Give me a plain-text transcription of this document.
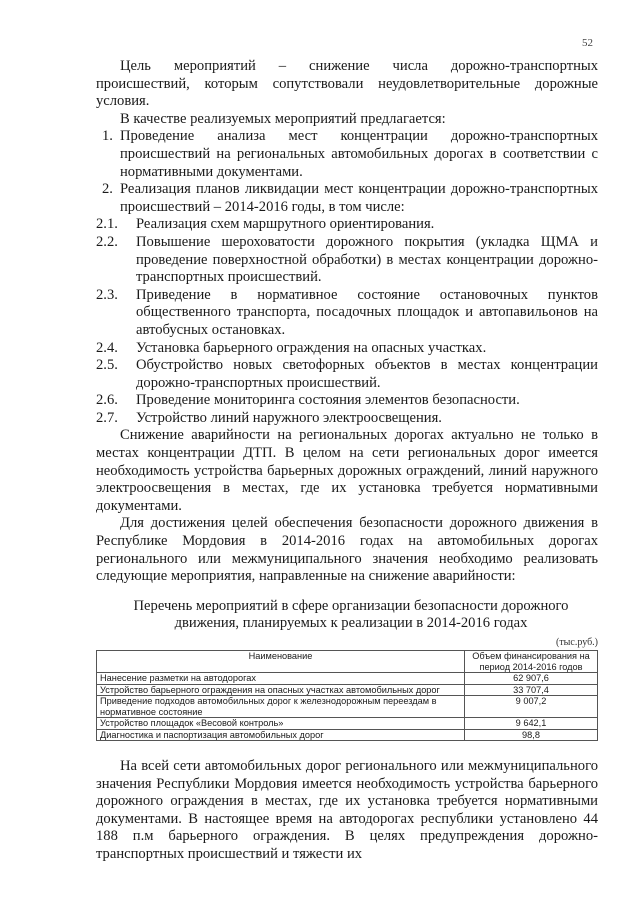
52

Цель мероприятий – снижение числа дорожно-транспортных происшествий, которым сопутствовали неудовлетворительные дорожные условия.

В качестве реализуемых мероприятий предлагается:

1. Проведение анализа мест концентрации дорожно-транспортных происшествий на региональных автомобильных дорогах в соответствии с нормативными документами.
2. Реализация планов ликвидации мест концентрации дорожно-транспортных происшествий – 2014-2016 годы, в том числе:
2.1. Реализация схем маршрутного ориентирования.
2.2. Повышение шероховатости дорожного покрытия (укладка ЩМА и проведение поверхностной обработки) в местах концентрации дорожно-транспортных происшествий.
2.3. Приведение в нормативное состояние остановочных пунктов общественного транспорта, посадочных площадок и автопавильонов на автобусных остановках.
2.4. Установка барьерного ограждения на опасных участках.
2.5. Обустройство новых светофорных объектов в местах концентрации дорожно-транспортных происшествий.
2.6. Проведение мониторинга состояния элементов безопасности.
2.7. Устройство линий наружного электроосвещения.

Снижение аварийности на региональных дорогах актуально не только в местах концентрации ДТП. В целом на сети региональных дорог имеется необходимость устройства барьерных дорожных ограждений, линий наружного электроосвещения в местах, где их установка требуется нормативными документами.

Для достижения целей обеспечения безопасности дорожного движения в Республике Мордовия в 2014-2016 годах на автомобильных дорогах регионального или межмуниципального значения необходимо реализовать следующие мероприятия, направленные на снижение аварийности:

Перечень мероприятий в сфере организации безопасности дорожного движения, планируемых к реализации в 2014-2016 годах
(тыс.руб.)
Наименование	Объем финансирования на период 2014-2016 годов
Нанесение разметки на автодорогах	62 907,6
Устройство барьерного ограждения на опасных участках автомобильных дорог	33 707,4
Приведение подходов автомобильных дорог к железнодорожным переездам в нормативное состояние	9 007,2
Устройство площадок «Весовой контроль»	9 642,1
Диагностика и паспортизация автомобильных дорог	98,8

На всей сети автомобильных дорог регионального или межмуниципального значения Республики Мордовия имеется необходимость устройства барьерного дорожного ограждения в местах, где их установка требуется нормативными документами. В настоящее время на автодорогах республики установлено 44 188 п.м барьерного ограждения. В целях предупреждения дорожно-транспортных происшествий и тяжести их
